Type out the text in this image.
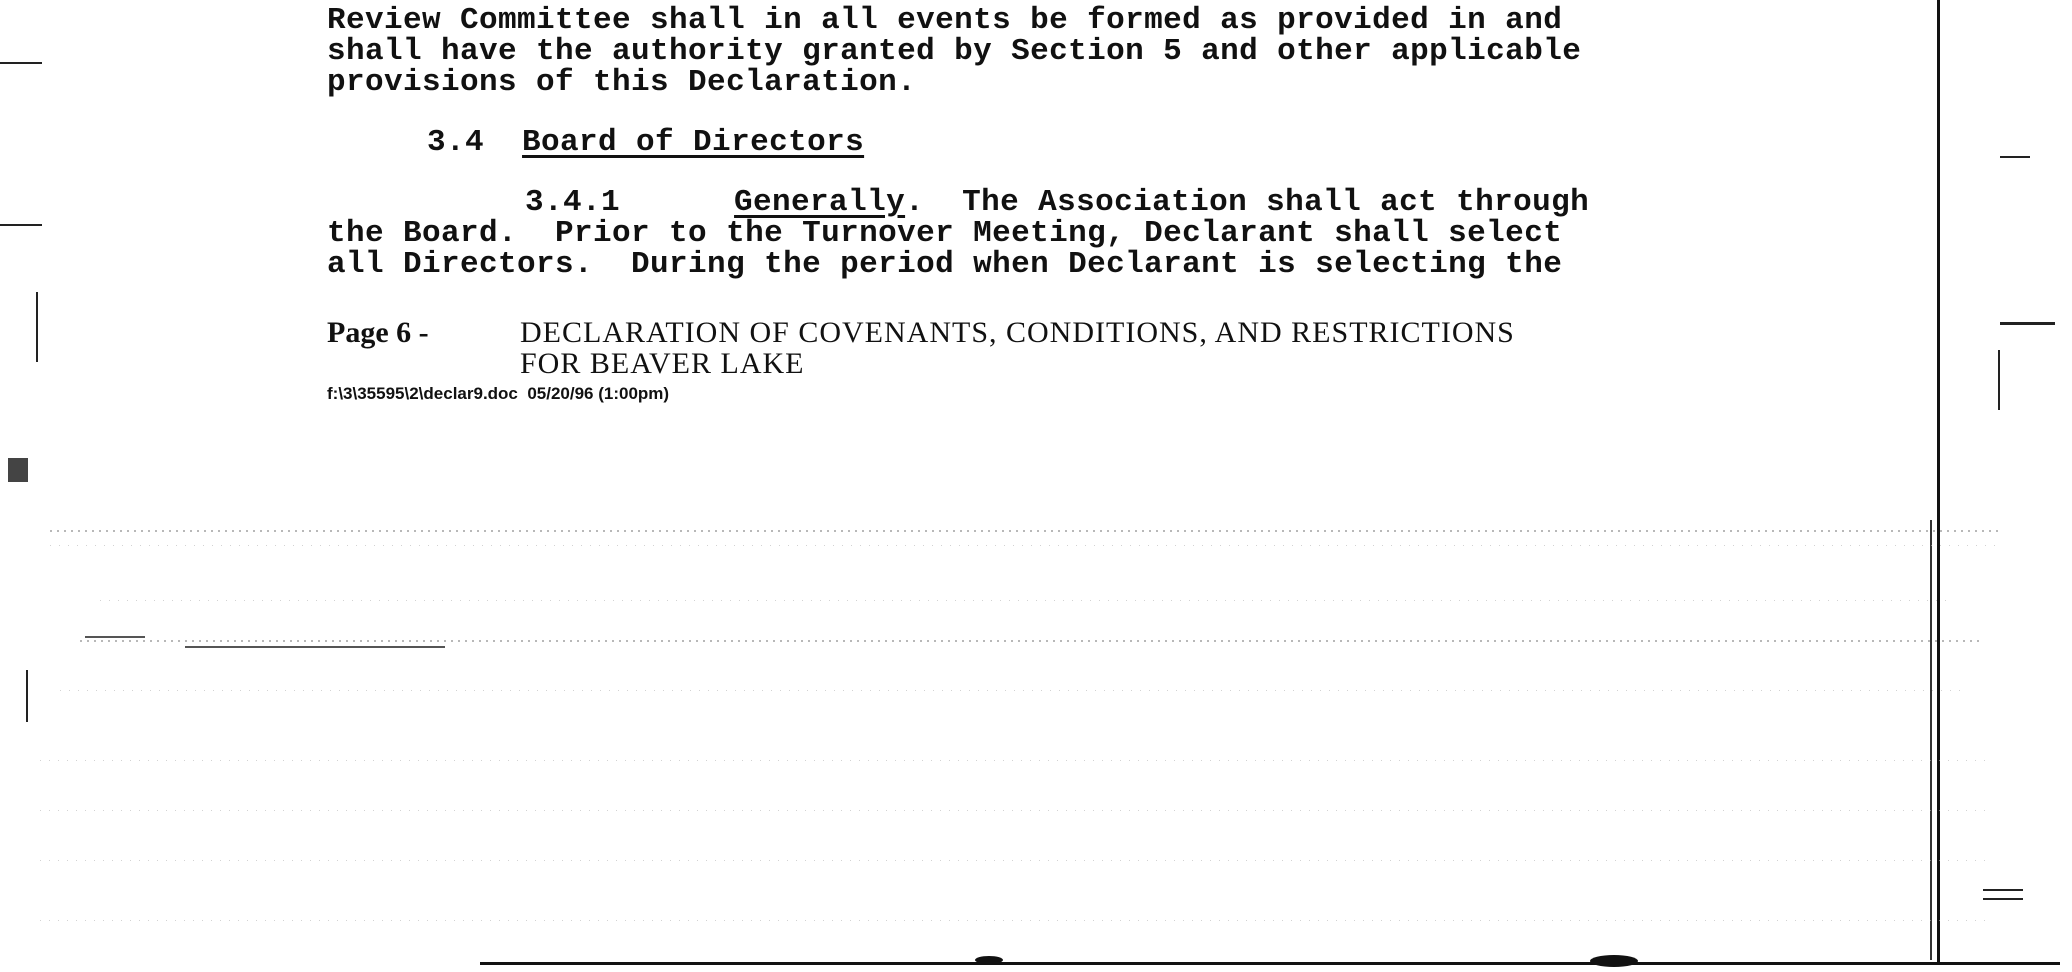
Review Committee shall in all events be formed as provided in and
shall have the authority granted by Section 5 and other applicable
provisions of this Declaration.
3.4 Board of Directors
3.4.1	Generally.  The Association shall act through
the Board.  Prior to the Turnover Meeting, Declarant shall select
all Directors.  During the period when Declarant is selecting the
Page 6 -	DECLARATION OF COVENANTS, CONDITIONS, AND RESTRICTIONS
FOR BEAVER LAKE
f:\3\35595\2\declar9.doc  05/20/96 (1:00pm)
